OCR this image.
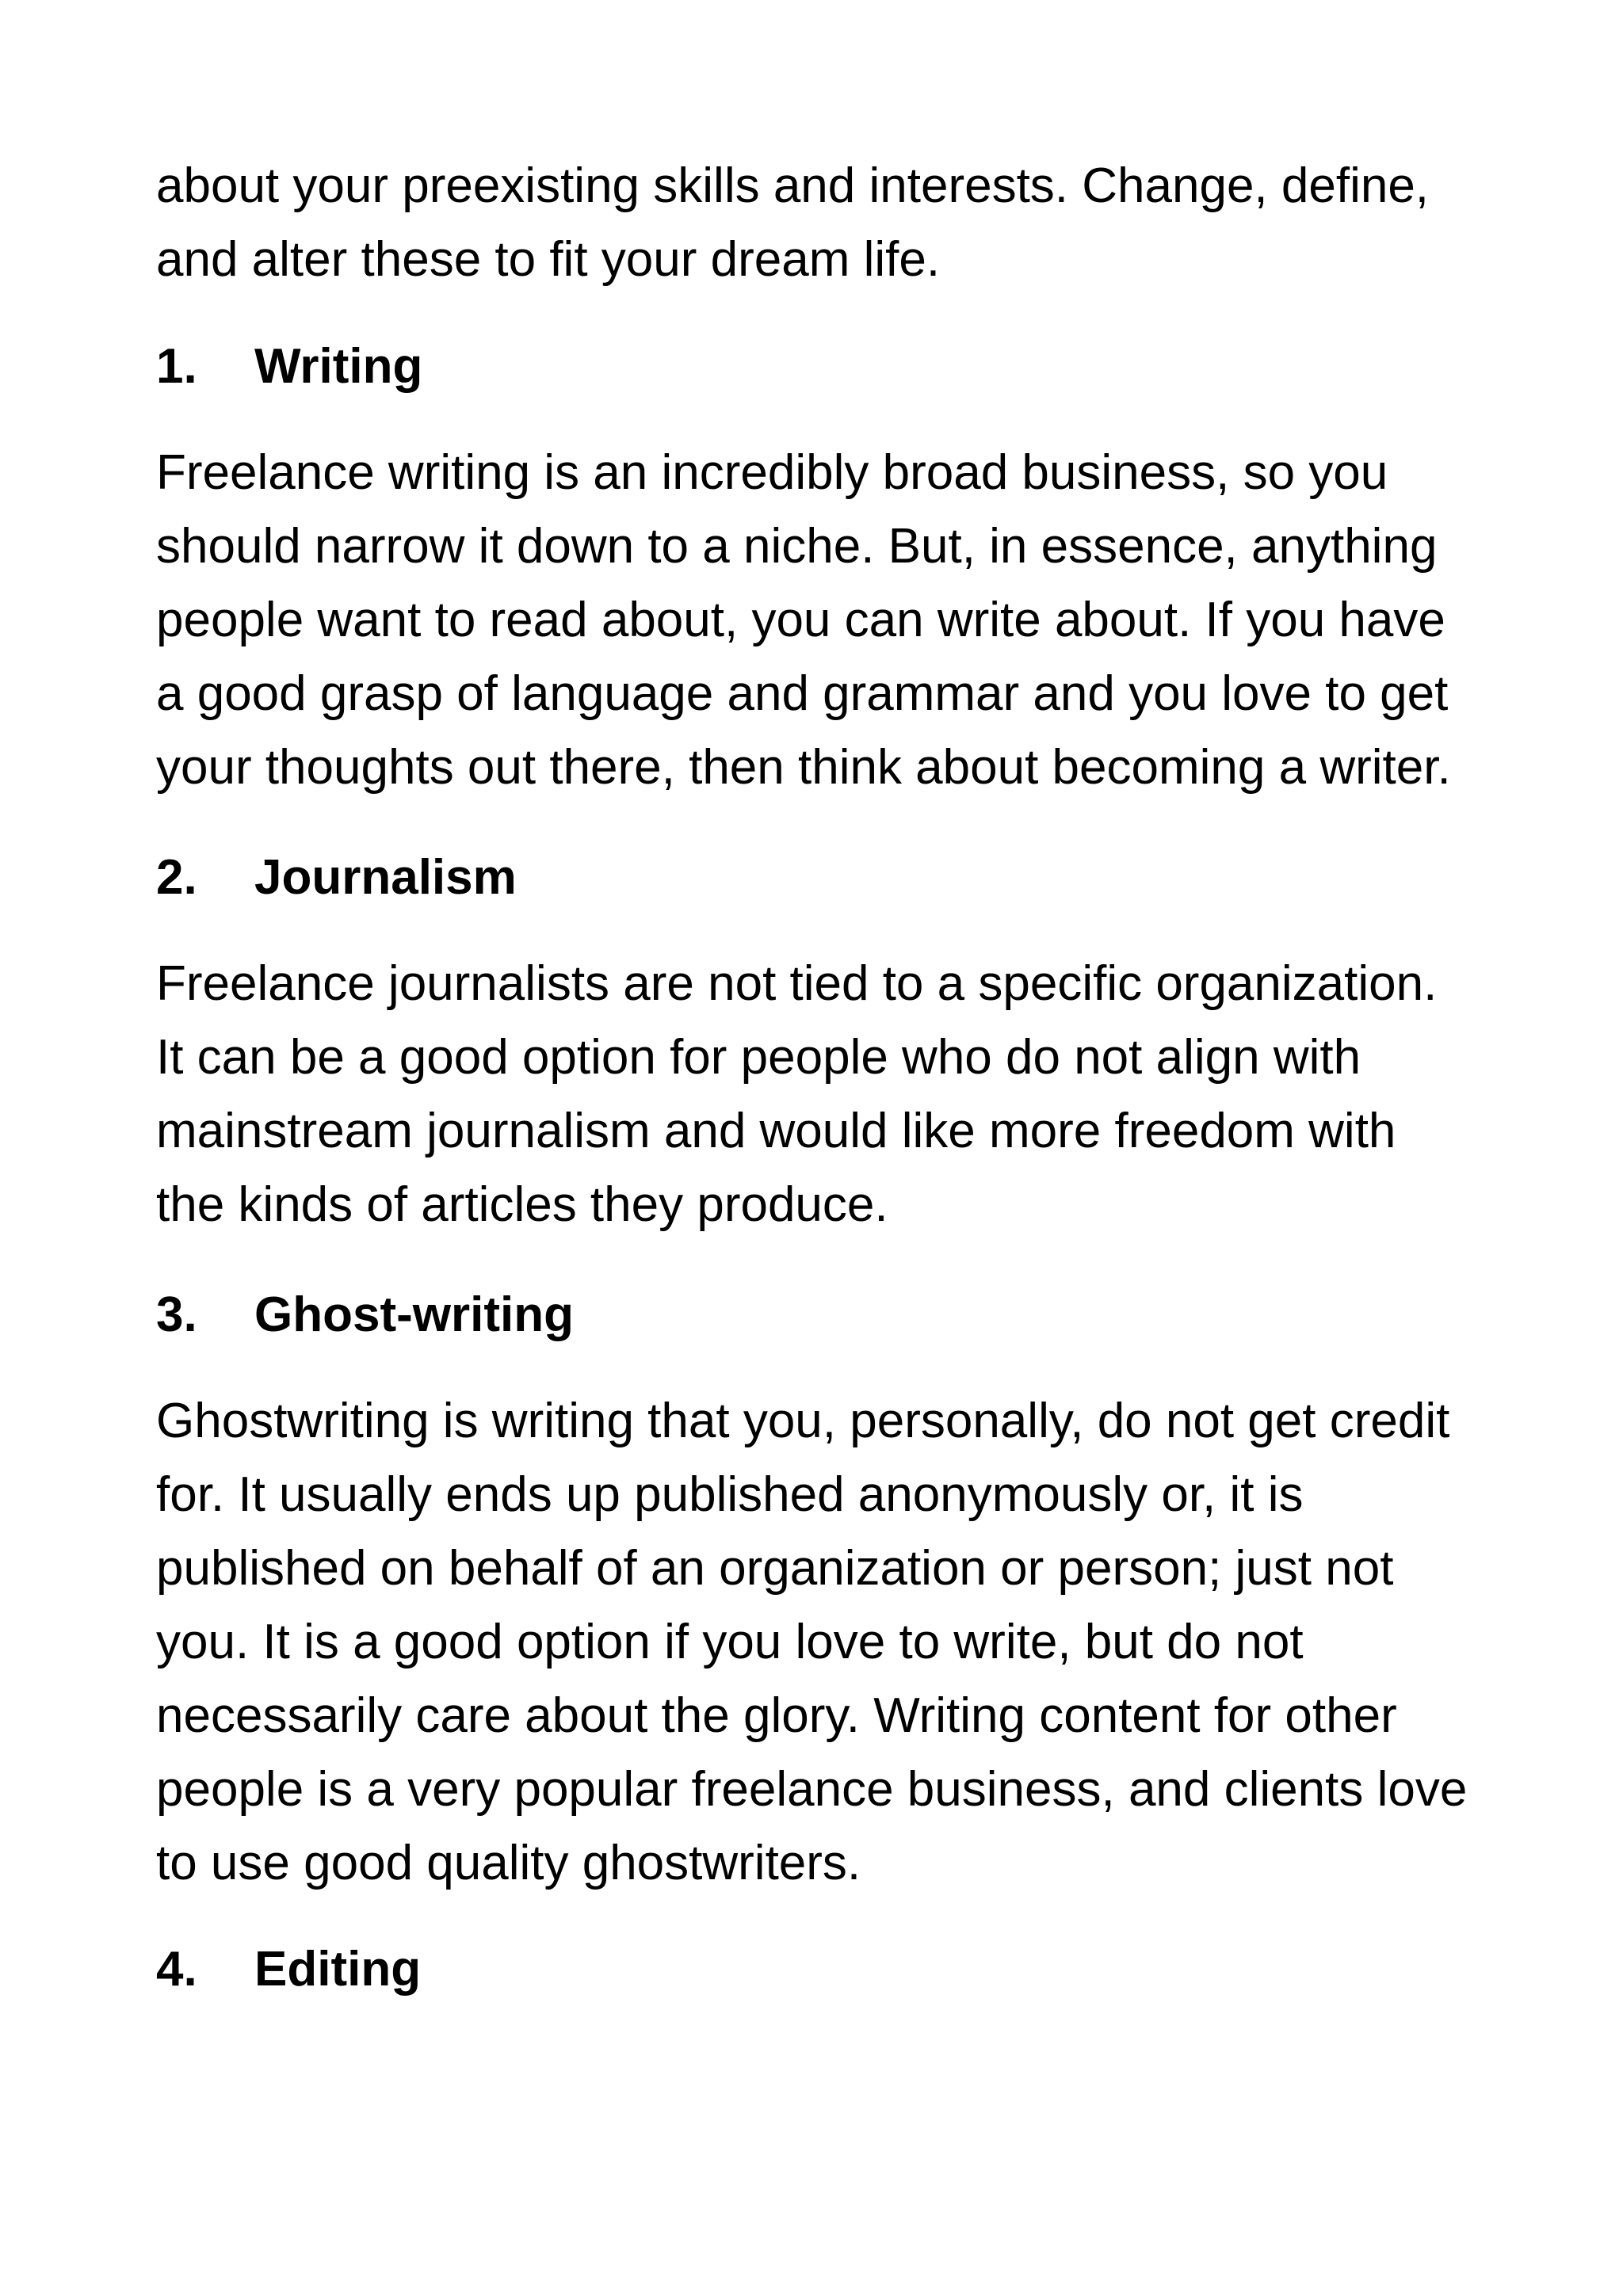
about your preexisting skills and interests. Change, define,
and alter these to fit your dream life.

1. Writing

Freelance writing is an incredibly broad business, so you
should narrow it down to a niche. But, in essence, anything
people want to read about, you can write about. If you have
a good grasp of language and grammar and you love to get
your thoughts out there, then think about becoming a writer.

2. Journalism

Freelance journalists are not tied to a specific organization.
It can be a good option for people who do not align with
mainstream journalism and would like more freedom with
the kinds of articles they produce.

3. Ghost-writing

Ghostwriting is writing that you, personally, do not get credit
for. It usually ends up published anonymously or, it is
published on behalf of an organization or person; just not
you. It is a good option if you love to write, but do not
necessarily care about the glory. Writing content for other
people is a very popular freelance business, and clients love
to use good quality ghostwriters.

4. Editing
